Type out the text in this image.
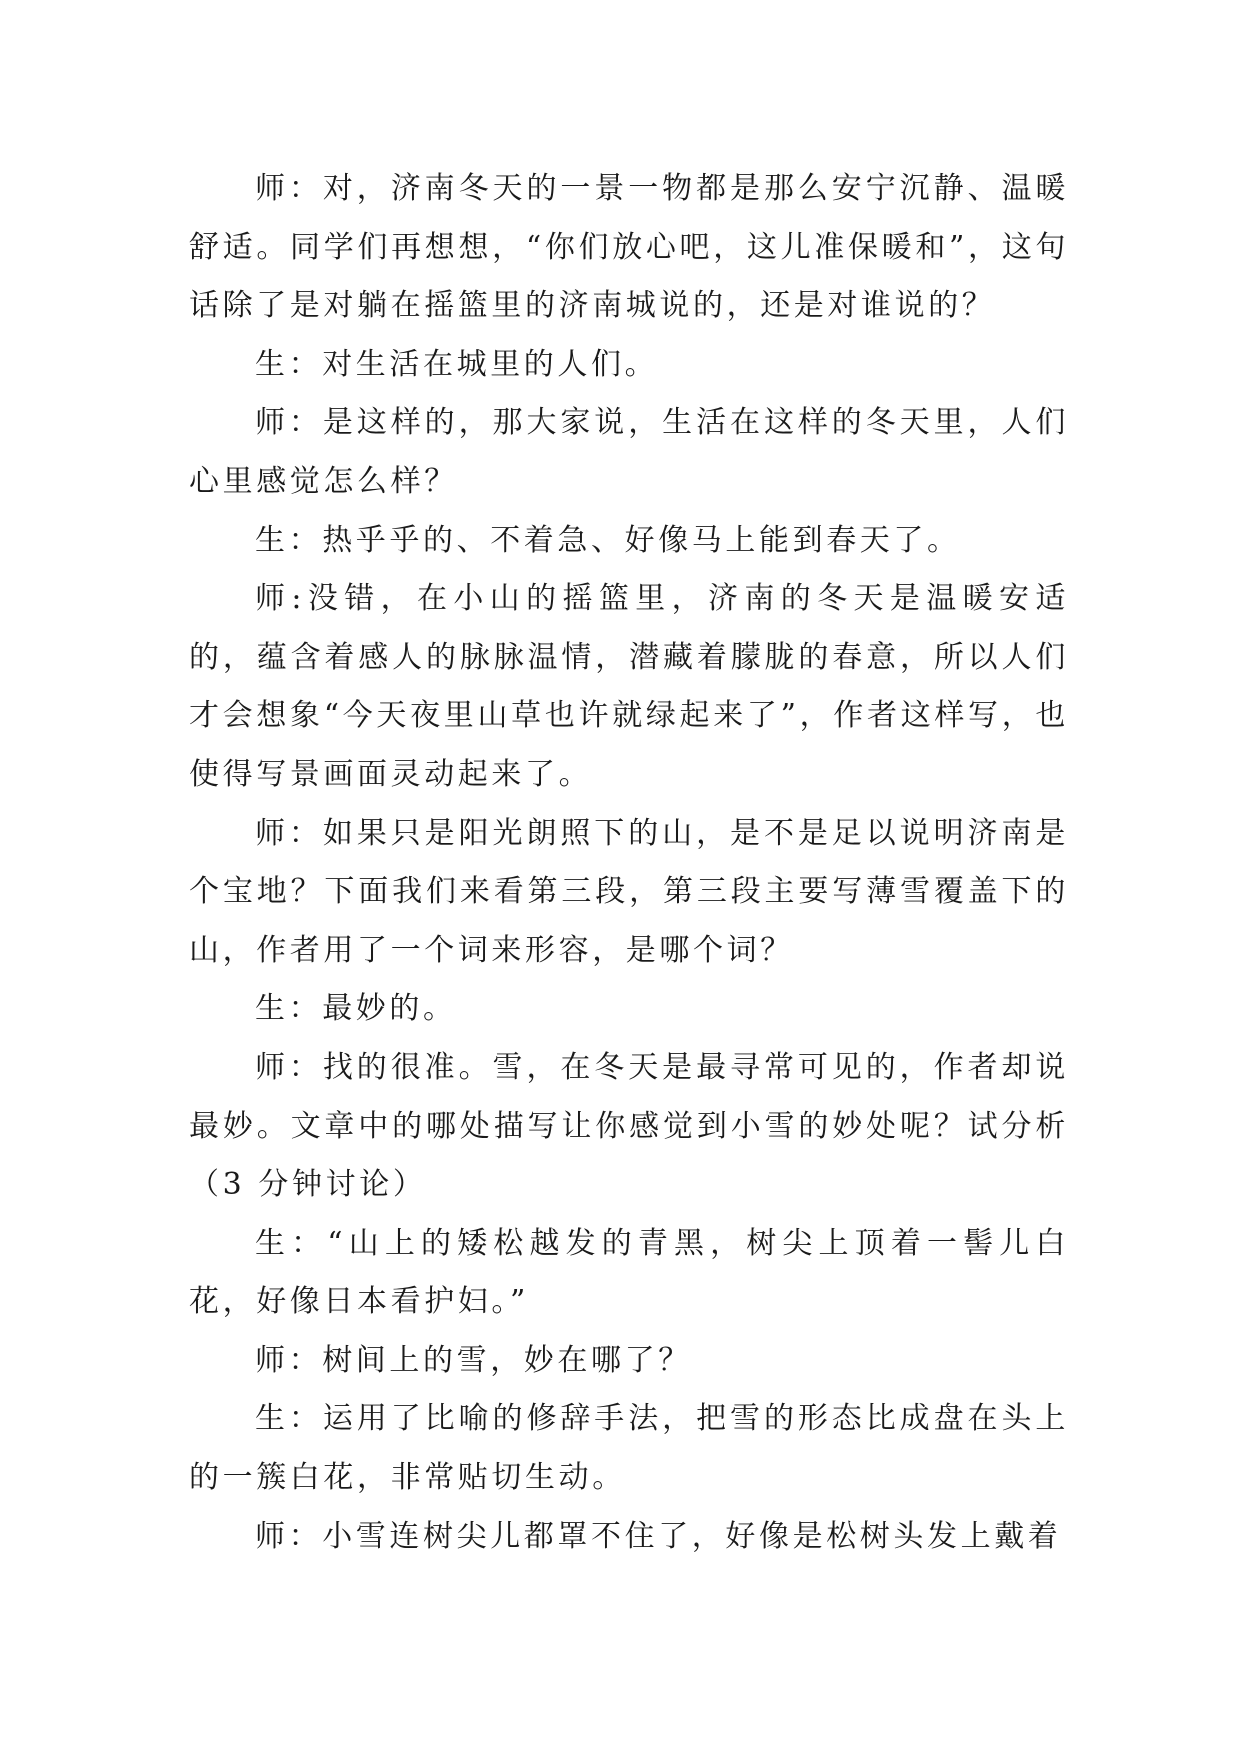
师：对，济南冬天的一景一物都是那么安宁沉静、温暖舒适。同学们再想想，“你们放心吧，这儿准保暖和”，这句话除了是对躺在摇篮里的济南城说的，还是对谁说的？

生：对生活在城里的人们。

师：是这样的，那大家说，生活在这样的冬天里，人们心里感觉怎么样？

生：热乎乎的、不着急、好像马上能到春天了。

师:没错，在小山的摇篮里，济南的冬天是温暖安适的，蕴含着感人的脉脉温情，潜藏着朦胧的春意，所以人们才会想象“今天夜里山草也许就绿起来了”，作者这样写，也使得写景画面灵动起来了。

师：如果只是阳光朗照下的山，是不是足以说明济南是个宝地？下面我们来看第三段，第三段主要写薄雪覆盖下的山，作者用了一个词来形容，是哪个词？

生：最妙的。

师：找的很准。雪，在冬天是最寻常可见的，作者却说最妙。文章中的哪处描写让你感觉到小雪的妙处呢？试分析（3 分钟讨论）

生：“山上的矮松越发的青黑，树尖上顶着一髻儿白花，好像日本看护妇。”

师：树间上的雪，妙在哪了？

生：运用了比喻的修辞手法，把雪的形态比成盘在头上的一簇白花，非常贴切生动。

师：小雪连树尖儿都罩不住了，好像是松树头发上戴着
